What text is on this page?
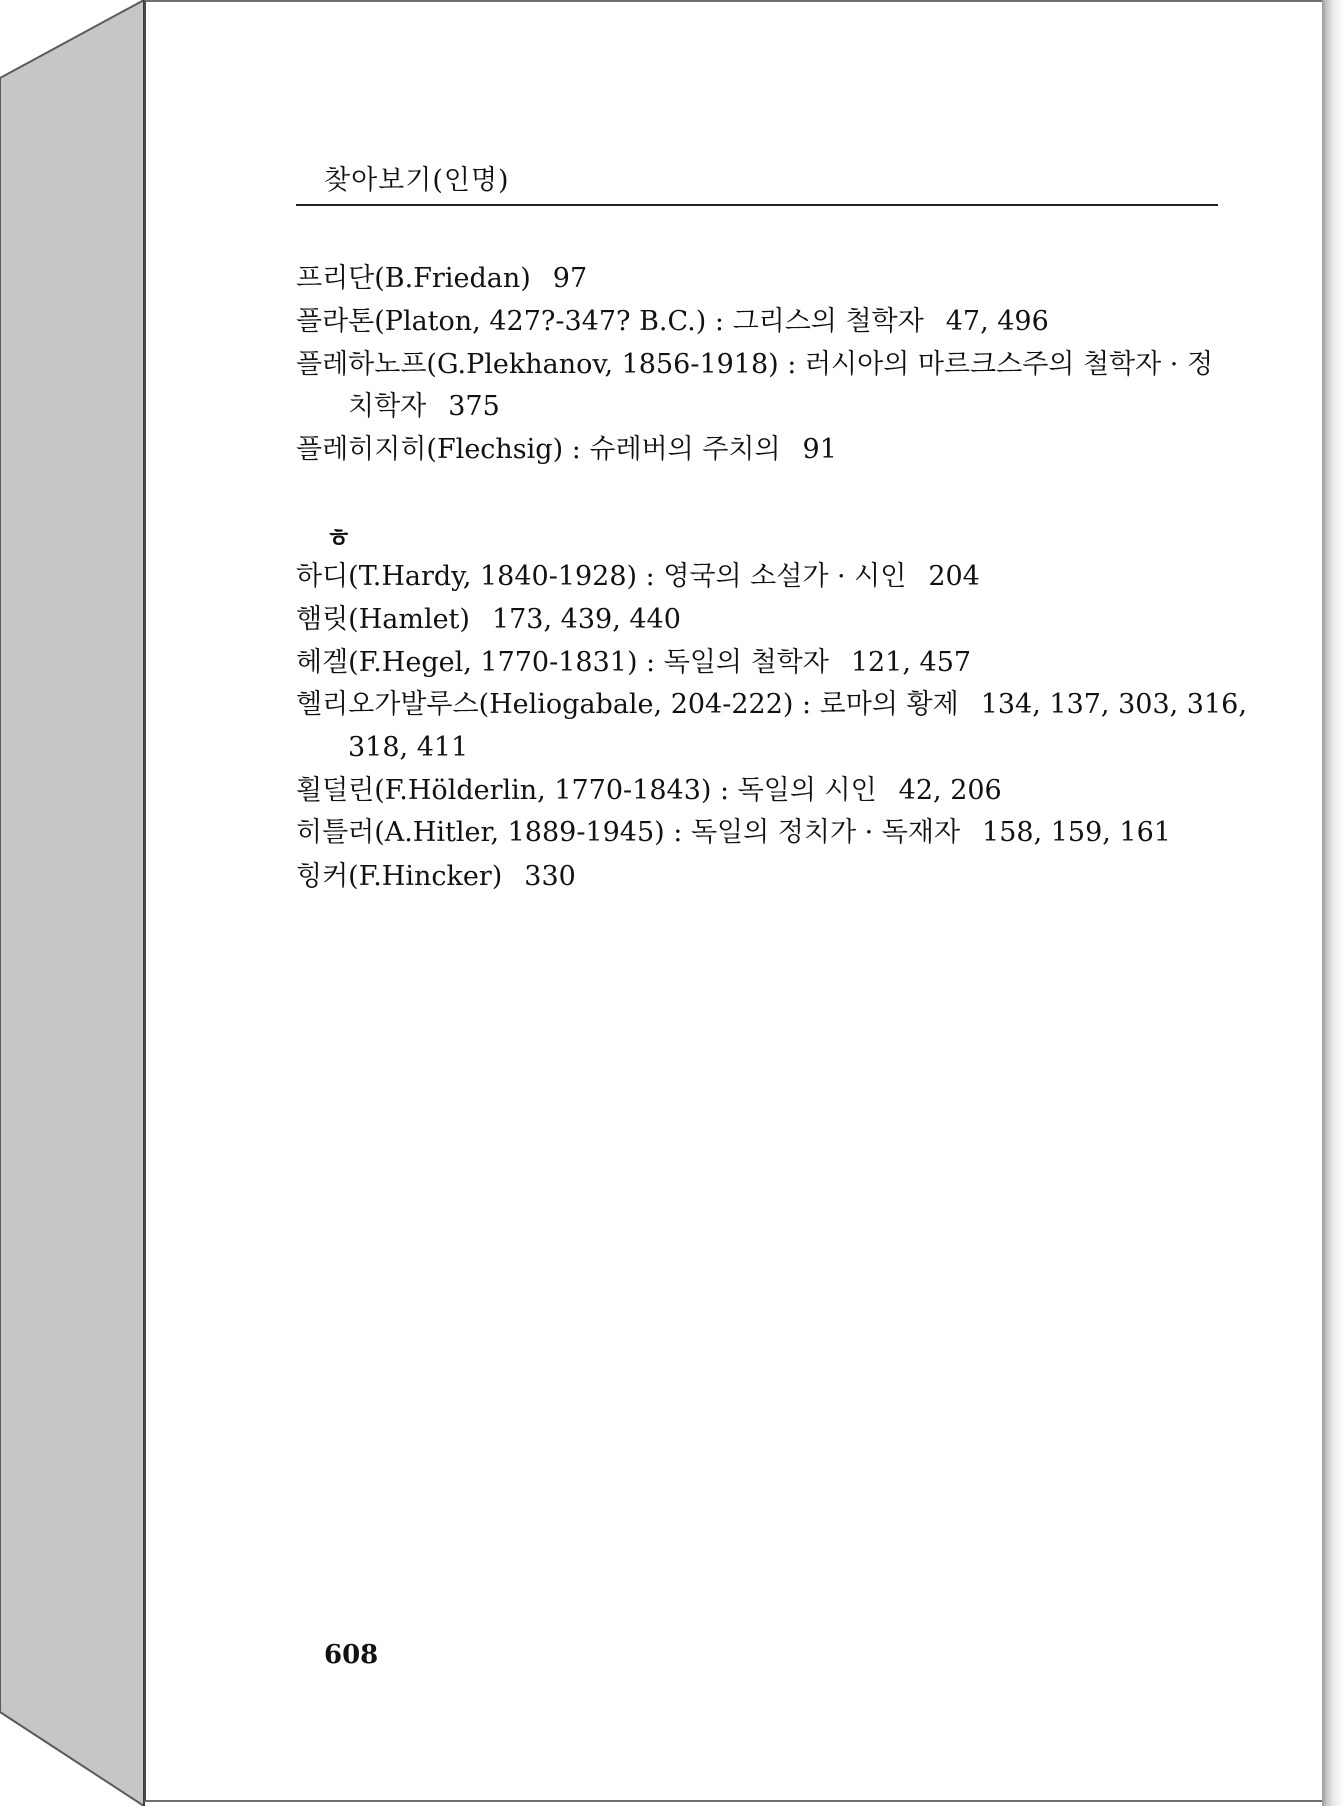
찾아보기(인명)
프리단(B.Friedan) 97
플라톤(Platon, 427?-347? B.C.) : 그리스의 철학자 47, 496
플레하노프(G.Plekhanov, 1856-1918) : 러시아의 마르크스주의 철학자 · 정
치학자 375
플레히지히(Flechsig) : 슈레버의 주치의 91
ㅎ
하디(T.Hardy, 1840-1928) : 영국의 소설가 · 시인 204
햄릿(Hamlet) 173, 439, 440
헤겔(F.Hegel, 1770-1831) : 독일의 철학자 121, 457
헬리오가발루스(Heliogabale, 204-222) : 로마의 황제 134, 137, 303, 316,
318, 411
횔덜린(F.Hölderlin, 1770-1843) : 독일의 시인 42, 206
히틀러(A.Hitler, 1889-1945) : 독일의 정치가 · 독재자 158, 159, 161
힝커(F.Hincker) 330
608
